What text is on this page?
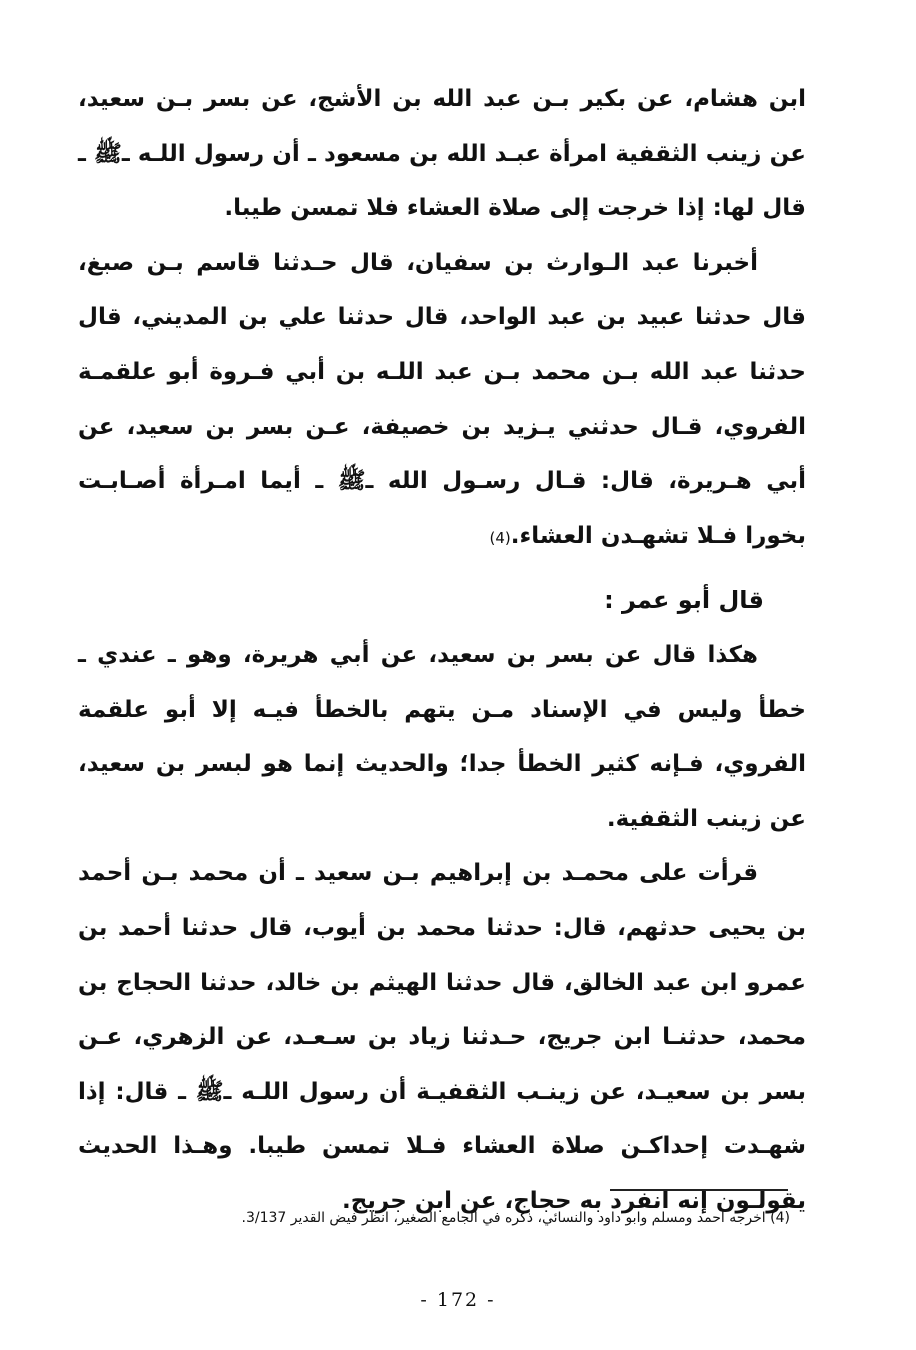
ابن هشام، عن بكير بـن عبد الله بن الأشج، عن بسر بـن سعيد، عن زينب الثقفية امرأة عبـد الله بن مسعود ـ أن رسول اللـه ـﷺ ـ قال لها: إذا خرجت إلى صلاة العشاء فلا تمسن طيبا.

أخبرنا عبد الـوارث بن سفيان، قال حـدثنا قاسم بـن صبغ، قال حدثنا عبيد بن عبد الواحد، قال حدثنا علي بن المديني، قال حدثنا عبد الله بـن محمد بـن عبد اللـه بن أبي فـروة أبو علقمـة الفروي، قـال حدثني يـزيد بن خصيفة، عـن بسر بن سعيد، عن أبي هـريرة، قال: قـال رسـول الله ـﷺ ـ أيما امـرأة أصـابـت بخورا فـلا تشهـدن العشاء.(4)

قال أبو عمر :

هكذا قال عن بسر بن سعيد، عن أبي هريرة، وهو ـ عندي ـ خطأ وليس في الإسناد مـن يتهم بالخطأ فيـه إلا أبو علقمة الفروي، فـإنه كثير الخطأ جدا؛ والحديث إنما هو لبسر بن سعيد، عن زينب الثقفية.

قرأت على محمـد بن إبراهيم بـن سعيد ـ أن محمد بـن أحمد بن يحيى حدثهم، قال: حدثنا محمد بن أيوب، قال حدثنا أحمد بن عمرو ابن عبد الخالق، قال حدثنا الهيثم بن خالد، حدثنا الحجاج بن محمد، حدثنـا ابن جريج، حـدثنا زياد بن سـعـد، عن الزهري، عـن بسر بن سعيـد، عن زينـب الثقفيـة أن رسول اللـه ـﷺ ـ قال: إذا شهـدت إحداكـن صلاة العشاء فـلا تمسن طيبا. وهـذا الحديث يقولـون إنه انفرد به حجاج، عن ابن جريج.

(4) اخرجه احمد ومسلم وابو داود والنسائي، ذكره في الجامع الصغير، انظر فيض القدير 3/137.
- 172 -
